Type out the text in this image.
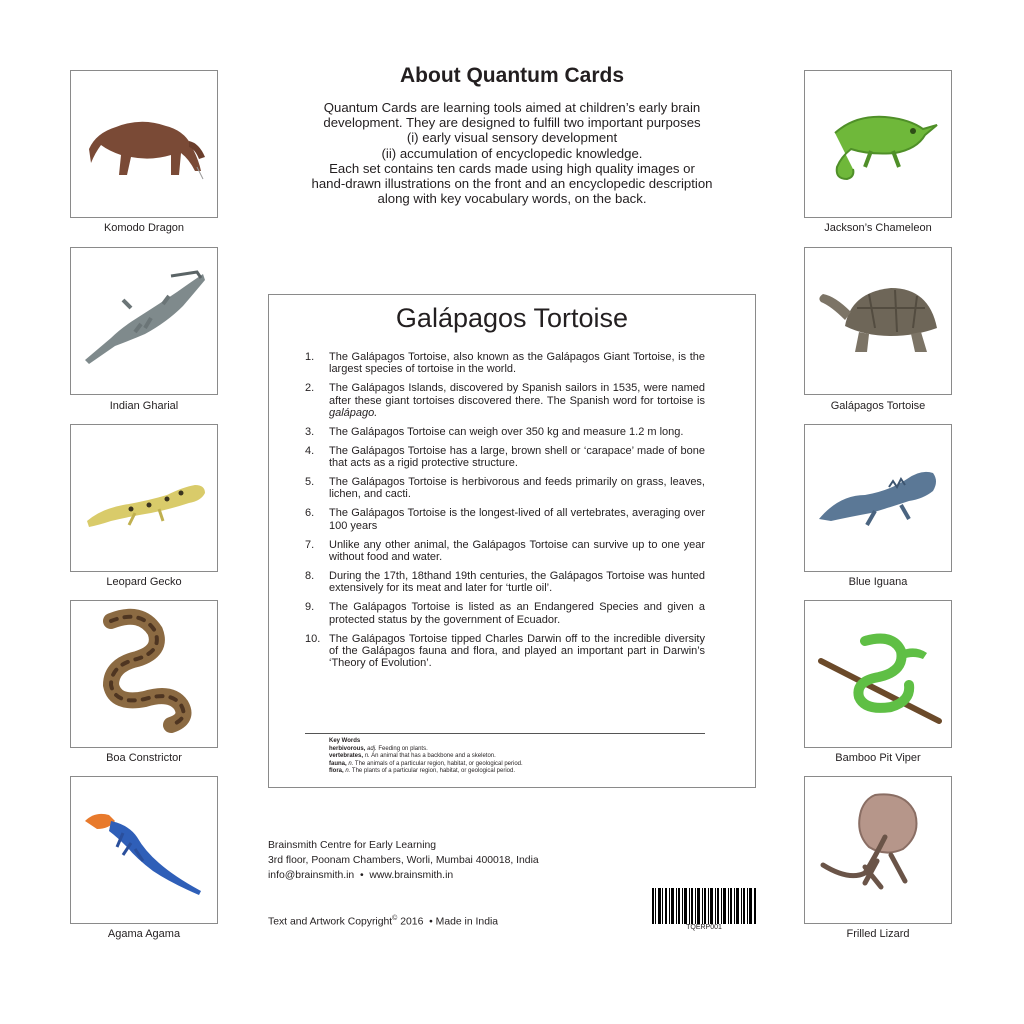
Komodo Dragon
Indian Gharial
Leopard Gecko
Boa Constrictor
Agama Agama
Jackson’s Chameleon
Galápagos Tortoise
Blue Iguana
Bamboo Pit Viper
Frilled Lizard
About Quantum Cards
Quantum Cards are learning tools aimed at children’s early brain
development. They are designed to fulfill two important purposes
(i) early visual sensory development
(ii) accumulation of encyclopedic knowledge.
Each set contains ten cards made using high quality images or
hand-drawn illustrations on the front and an encyclopedic description
along with key vocabulary words, on the back.
Galápagos Tortoise
1. The Galápagos Tortoise, also known as the Galápagos Giant Tortoise, is the largest species of tortoise in the world.
2. The Galápagos Islands, discovered by Spanish sailors in 1535, were named after these giant tortoises discovered there. The Spanish word for tortoise is galápago.
3. The Galápagos Tortoise can weigh over 350 kg and measure 1.2 m long.
4. The Galápagos Tortoise has a large, brown shell or ‘carapace’ made of bone that acts as a rigid protective structure.
5. The Galápagos Tortoise is herbivorous and feeds primarily on grass, leaves, lichen, and cacti.
6. The Galápagos Tortoise is the longest-lived of all vertebrates, averaging over 100 years
7. Unlike any other animal, the Galápagos Tortoise can survive up to one year without food and water.
8. During the 17th, 18thand 19th centuries, the Galápagos Tortoise was hunted extensively for its meat and later for ‘turtle oil’.
9. The Galápagos Tortoise is listed as an Endangered Species and given a protected status by the government of Ecuador.
10. The Galápagos Tortoise tipped Charles Darwin off to the incredible diversity of the Galápagos fauna and flora, and played an important part in Darwin’s ‘Theory of Evolution’.
Key Words
herbivorous, adj. Feeding on plants.
vertebrates, n. An animal that has a backbone and a skeleton.
fauna, n. The animals of a particular region, habitat, or geological period.
flora, n. The plants of a particular region, habitat, or geological period.
Brainsmith Centre for Early Learning
3rd floor, Poonam Chambers, Worli, Mumbai 400018, India
info@brainsmith.in • www.brainsmith.in
Text and Artwork Copyright© 2016 • Made in India
TQERP001
